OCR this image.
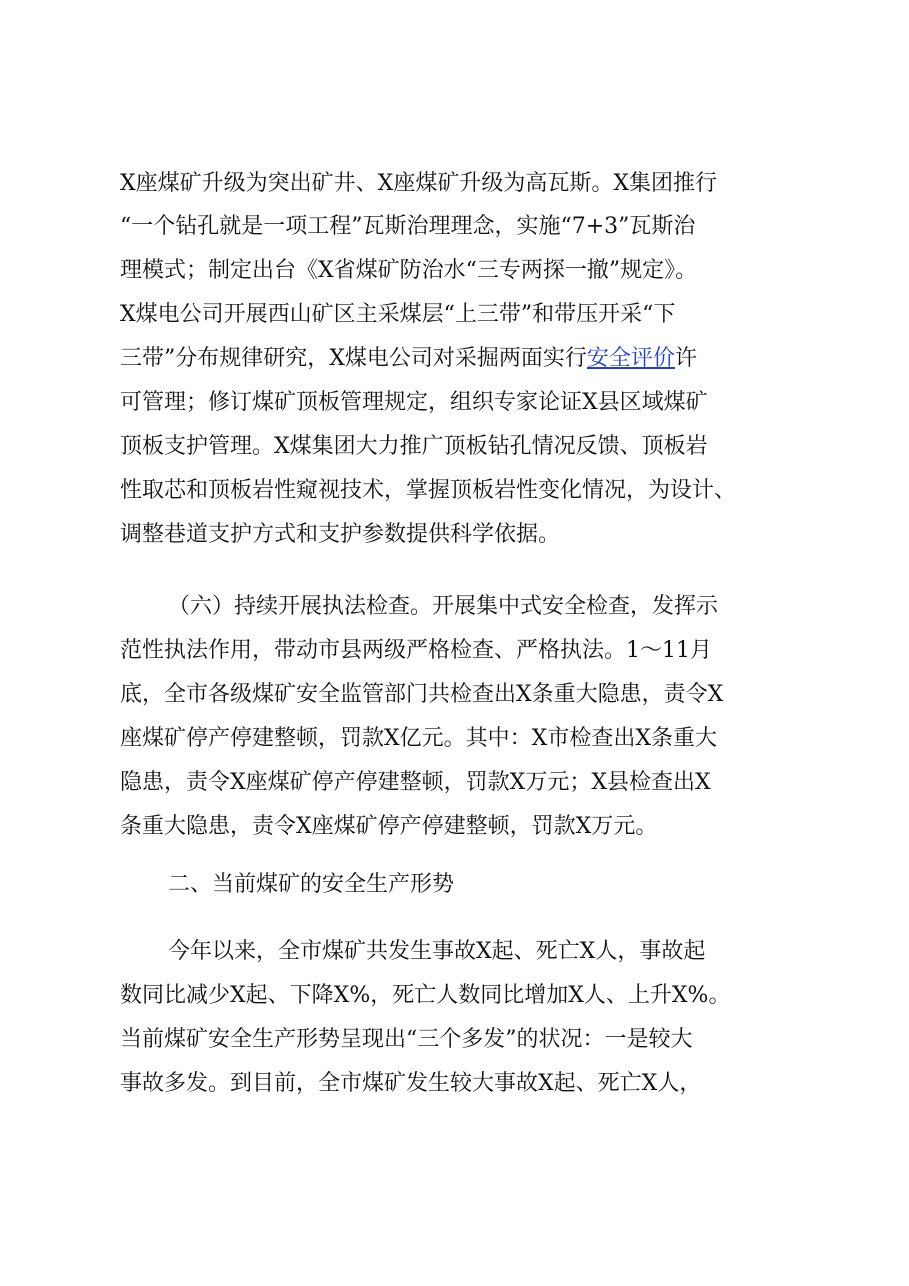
X座煤矿升级为突出矿井、X座煤矿升级为高瓦斯。X集团推行
“一个钻孔就是一项工程”瓦斯治理理念，实施“7+3”瓦斯治
理模式；制定出台《X省煤矿防治水“三专两探一撤”规定》。
X煤电公司开展西山矿区主采煤层“上三带”和带压开采“下
三带”分布规律研究，X煤电公司对采掘两面实行安全评价许
可管理；修订煤矿顶板管理规定，组织专家论证X县区域煤矿
顶板支护管理。X煤集团大力推广顶板钻孔情况反馈、顶板岩
性取芯和顶板岩性窥视技术，掌握顶板岩性变化情况，为设计、
调整巷道支护方式和支护参数提供科学依据。
（六）持续开展执法检查。开展集中式安全检查，发挥示
范性执法作用，带动市县两级严格检查、严格执法。1～11月
底，全市各级煤矿安全监管部门共检查出X条重大隐患，责令X
座煤矿停产停建整顿，罚款X亿元。其中：X市检查出X条重大
隐患，责令X座煤矿停产停建整顿，罚款X万元；X县检查出X
条重大隐患，责令X座煤矿停产停建整顿，罚款X万元。
二、当前煤矿的安全生产形势
今年以来，全市煤矿共发生事故X起、死亡X人，事故起
数同比减少X起、下降X%，死亡人数同比增加X人、上升X%。
当前煤矿安全生产形势呈现出“三个多发”的状况：一是较大
事故多发。到目前，全市煤矿发生较大事故X起、死亡X人，
